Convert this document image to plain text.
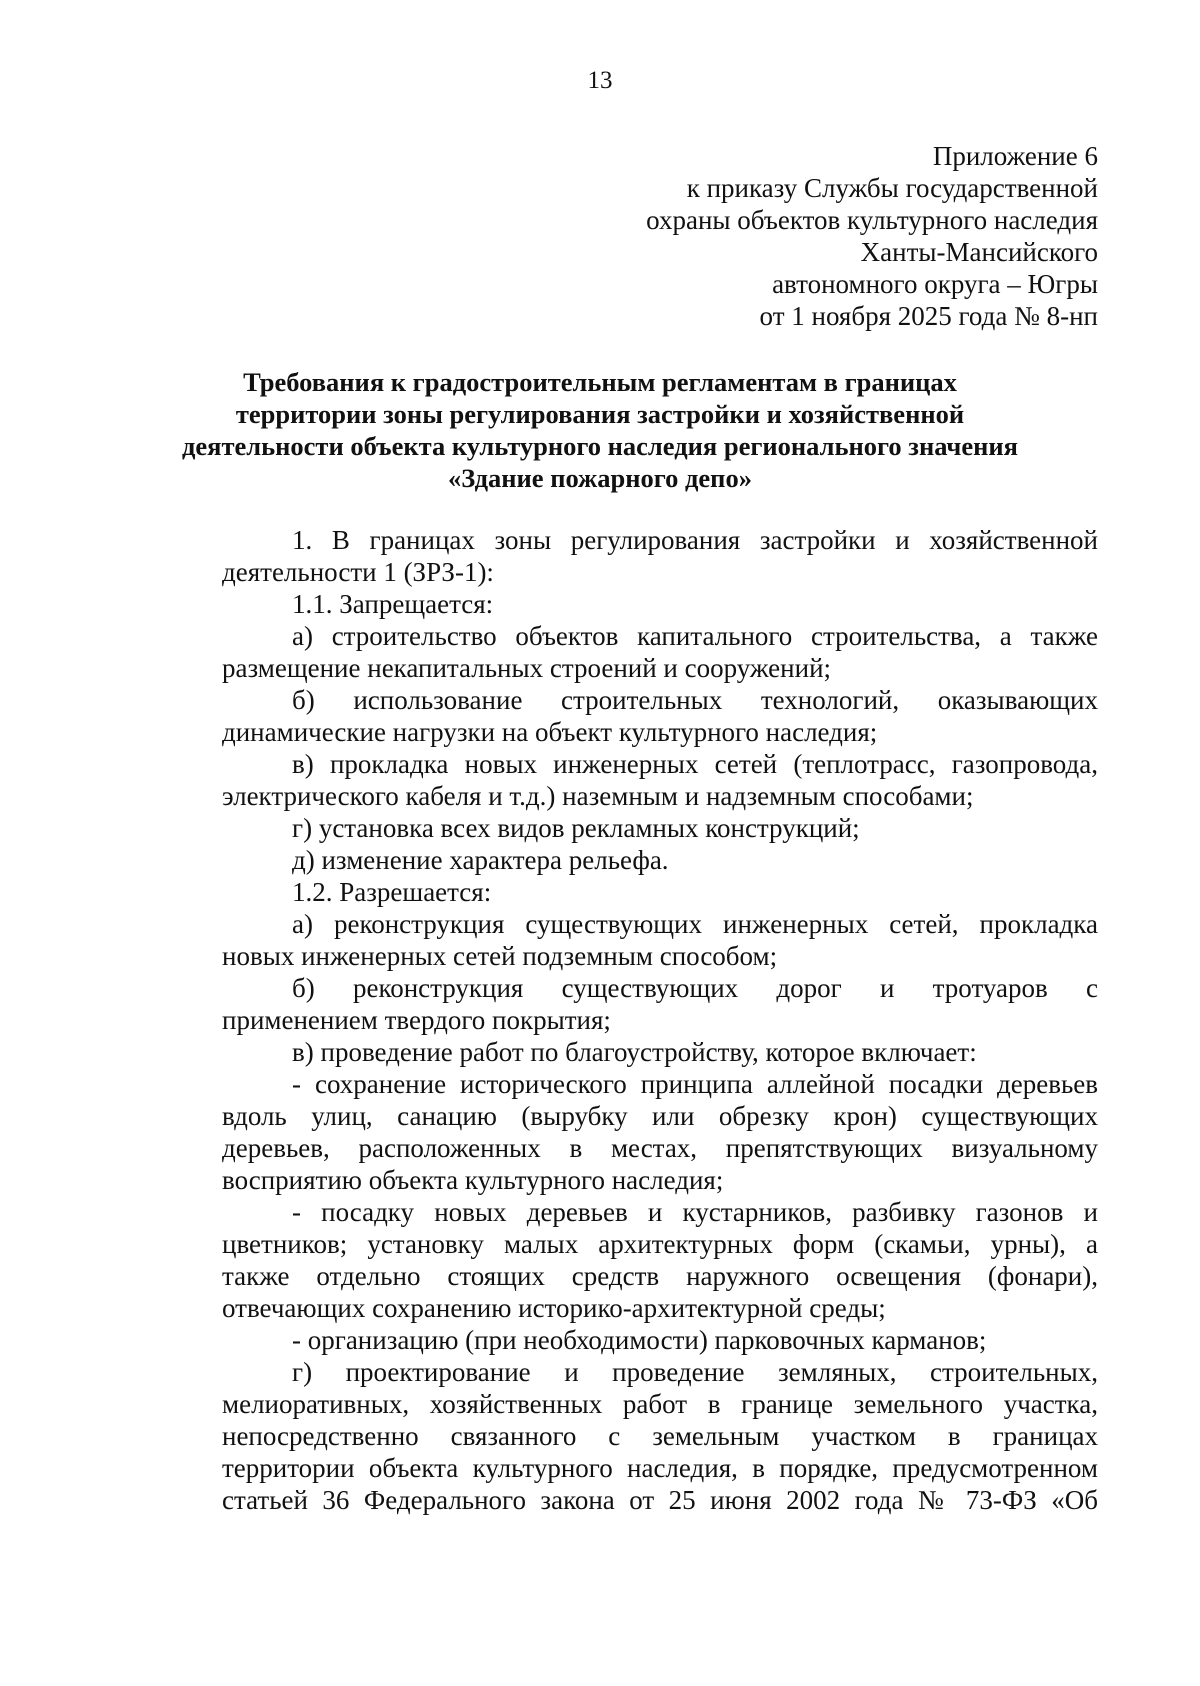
13
Приложение 6
к приказу Службы государственной
охраны объектов культурного наследия
Ханты-Мансийского
автономного округа – Югры
от 1 ноября 2025 года № 8-нп
Требования к градостроительным регламентам в границах
территории зоны регулирования застройки и хозяйственной
деятельности объекта культурного наследия регионального значения
«Здание пожарного депо»
1. В границах зоны регулирования застройки и хозяйственной
деятельности 1 (ЗРЗ-1):
1.1. Запрещается:
а) строительство объектов капитального строительства, а также
размещение некапитальных строений и сооружений;
б) использование строительных технологий, оказывающих
динамические нагрузки на объект культурного наследия;
в) прокладка новых инженерных сетей (теплотрасс, газопровода,
электрического кабеля и т.д.) наземным и надземным способами;
г) установка всех видов рекламных конструкций;
д) изменение характера рельефа.
1.2. Разрешается:
а) реконструкция существующих инженерных сетей, прокладка
новых инженерных сетей подземным способом;
б) реконструкция существующих дорог и тротуаров с
применением твердого покрытия;
в) проведение работ по благоустройству, которое включает:
- сохранение исторического принципа аллейной посадки деревьев
вдоль улиц, санацию (вырубку или обрезку крон) существующих
деревьев, расположенных в местах, препятствующих визуальному
восприятию объекта культурного наследия;
- посадку новых деревьев и кустарников, разбивку газонов и
цветников; установку малых архитектурных форм (скамьи, урны), а
также отдельно стоящих средств наружного освещения (фонари),
отвечающих сохранению историко-архитектурной среды;
- организацию (при необходимости) парковочных карманов;
г) проектирование и проведение земляных, строительных,
мелиоративных, хозяйственных работ в границе земельного участка,
непосредственно связанного с земельным участком в границах
территории объекта культурного наследия, в порядке, предусмотренном
статьей 36 Федерального закона от 25 июня 2002 года № 73-ФЗ «Об
